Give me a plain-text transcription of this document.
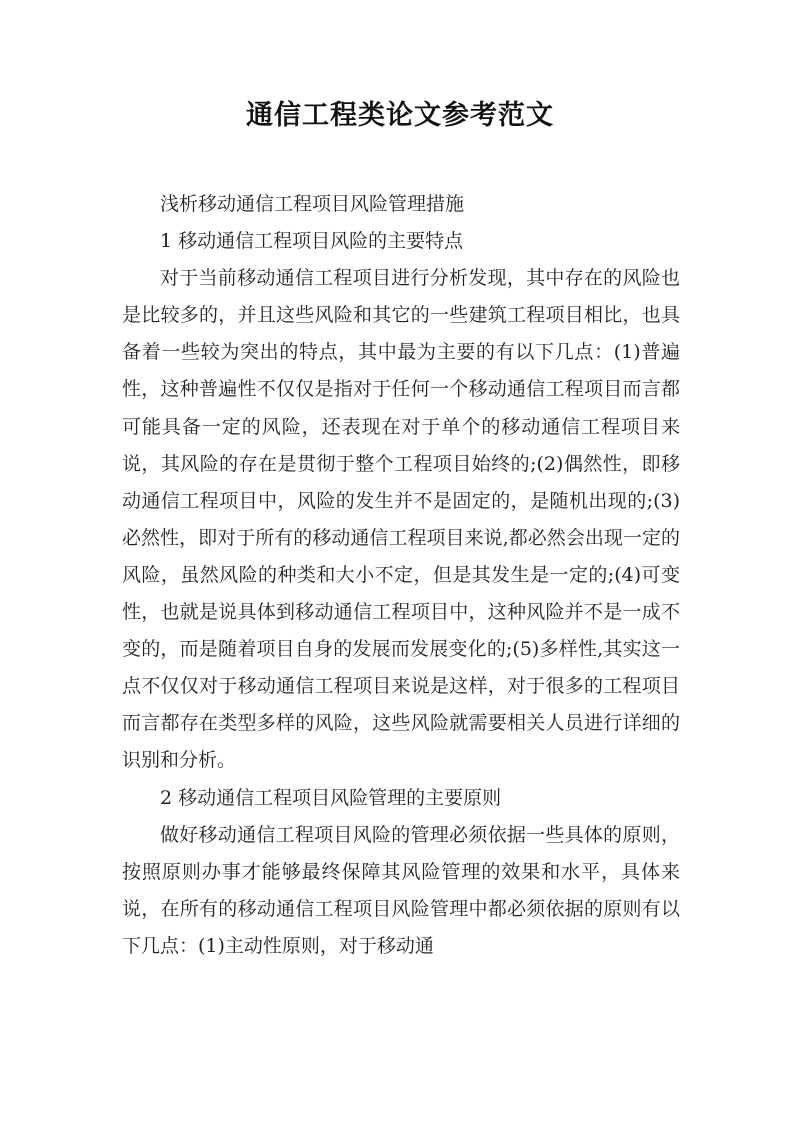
通信工程类论文参考范文

浅析移动通信工程项目风险管理措施

1 移动通信工程项目风险的主要特点

对于当前移动通信工程项目进行分析发现，其中存在的风险也是比较多的，并且这些风险和其它的一些建筑工程项目相比，也具备着一些较为突出的特点，其中最为主要的有以下几点：(1)普遍性，这种普遍性不仅仅是指对于任何一个移动通信工程项目而言都可能具备一定的风险，还表现在对于单个的移动通信工程项目来说，其风险的存在是贯彻于整个工程项目始终的;(2)偶然性，即移动通信工程项目中，风险的发生并不是固定的，是随机出现的;(3)必然性，即对于所有的移动通信工程项目来说,都必然会出现一定的风险，虽然风险的种类和大小不定，但是其发生是一定的;(4)可变性，也就是说具体到移动通信工程项目中，这种风险并不是一成不变的，而是随着项目自身的发展而发展变化的;(5)多样性,其实这一点不仅仅对于移动通信工程项目来说是这样，对于很多的工程项目而言都存在类型多样的风险，这些风险就需要相关人员进行详细的识别和分析。

2 移动通信工程项目风险管理的主要原则

做好移动通信工程项目风险的管理必须依据一些具体的原则，按照原则办事才能够最终保障其风险管理的效果和水平，具体来说，在所有的移动通信工程项目风险管理中都必须依据的原则有以下几点：(1)主动性原则，对于移动通
